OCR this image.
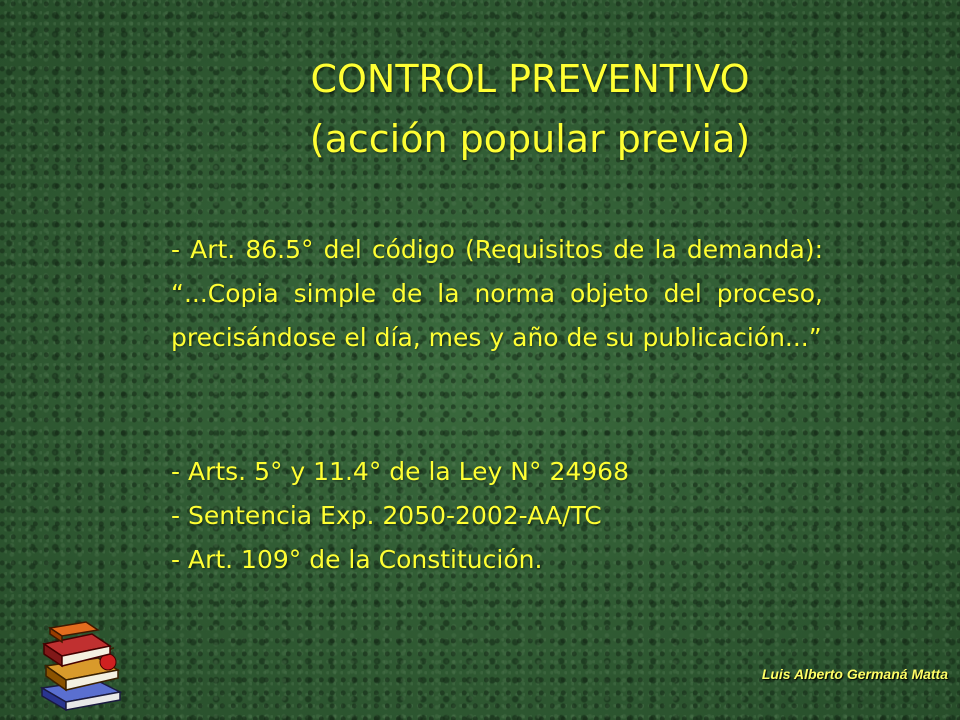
CONTROL PREVENTIVO
(acción popular previa)
- Art. 86.5° del código (Requisitos de la demanda): “...Copia simple de la norma objeto del proceso, precisándose el día, mes y año de su publicación...”
- Arts. 5° y 11.4° de la Ley N° 24968
- Sentencia Exp. 2050-2002-AA/TC
- Art. 109° de la Constitución.
Luis Alberto Germaná Matta
